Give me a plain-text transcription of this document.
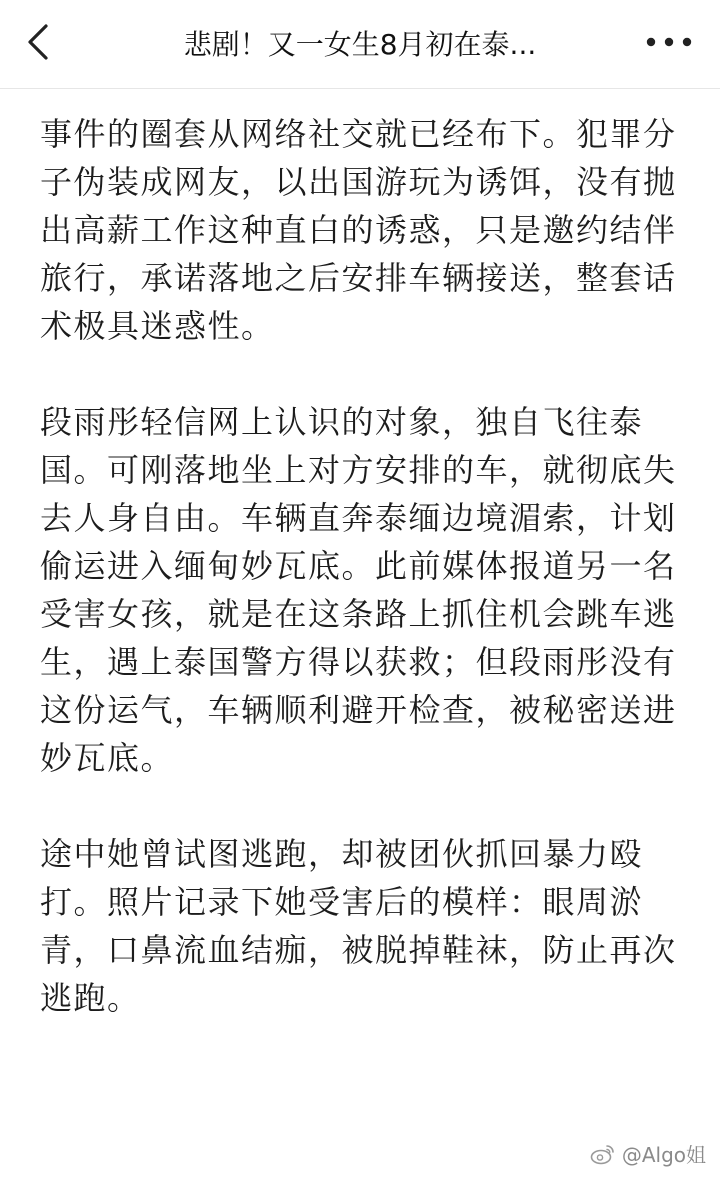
悲剧！又一女生8月初在泰...

事件的圈套从网络社交就已经布下。犯罪分子伪装成网友，以出国游玩为诱饵，没有抛出高薪工作这种直白的诱惑，只是邀约结伴旅行，承诺落地之后安排车辆接送，整套话术极具迷惑性。

段雨彤轻信网上认识的对象，独自飞往泰国。可刚落地坐上对方安排的车，就彻底失去人身自由。车辆直奔泰缅边境湄索，计划偷运进入缅甸妙瓦底。此前媒体报道另一名受害女孩，就是在这条路上抓住机会跳车逃生，遇上泰国警方得以获救；但段雨彤没有这份运气，车辆顺利避开检查，被秘密送进妙瓦底。

途中她曾试图逃跑，却被团伙抓回暴力殴打。照片记录下她受害后的模样：眼周淤青，口鼻流血结痂，被脱掉鞋袜，防止再次逃跑。

@Algo姐
